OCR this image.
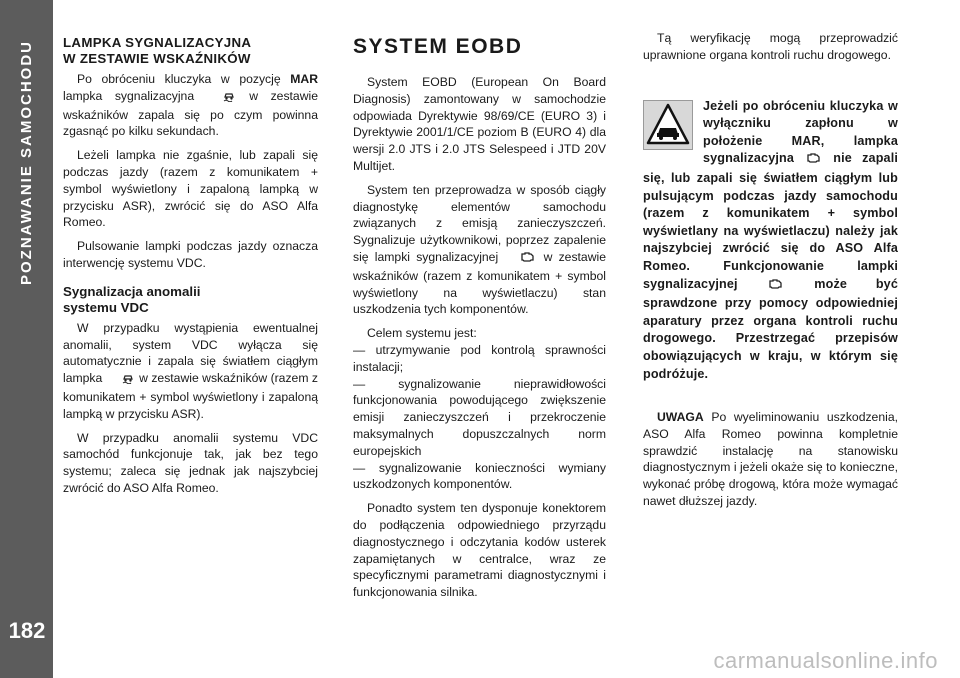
POZNAWANIE SAMOCHODU
182
LAMPKA SYGNALIZACYJNA
W ZESTAWIE WSKAŹNIKÓW

Po obróceniu kluczyka w pozycję MAR lampka sygnalizacyjna  w zestawie wskaźników zapala się po czym powinna zgasnąć po kilku sekundach.

Leżeli lampka nie zgaśnie, lub zapali się podczas jazdy (razem z komunikatem + symbol wyświetlony i zapaloną lampką w przycisku ASR), zwrócić się do ASO Alfa Romeo.

Pulsowanie lampki podczas jazdy oznacza interwencję systemu VDC.

Sygnalizacja anomalii
systemu VDC

W przypadku wystąpienia ewentualnej anomalii, system VDC wyłącza się automatycznie i zapala się światłem ciągłym lampka  w zestawie wskaźników (razem z komunikatem + symbol wyświetlony i zapaloną lampką w przycisku ASR).

W przypadku anomalii systemu VDC samochód funkcjonuje tak, jak bez tego systemu; zaleca się jednak jak najszybciej zwrócić do ASO Alfa Romeo.

SYSTEM EOBD

System EOBD (European On Board Diagnosis) zamontowany w samochodzie odpowiada Dyrektywie 98/69/CE (EURO 3) i Dyrektywie 2001/1/CE poziom B (EURO 4) dla wersji 2.0 JTS i 2.0 JTS Selespeed i JTD 20V Multijet.

System ten przeprowadza w sposób ciągły diagnostykę elementów samochodu związanych z emisją zanieczyszczeń. Sygnalizuje użytkownikowi, poprzez zapalenie się lampki sygnalizacyjnej	w zestawie wskaźników (razem z komunikatem + symbol wyświetlony na wyświetlaczu) stan uszkodzenia tych komponentów.

Celem systemu jest:

— utrzymywanie pod kontrolą sprawności instalacji;

— sygnalizowanie nieprawidłowości funkcjonowania powodującego zwiększenie emisji zanieczyszczeń i przekroczenie maksymalnych dopuszczalnych norm europejskich

— sygnalizowanie konieczności wymiany uszkodzonych komponentów.

Ponadto system ten dysponuje konektorem do podłączenia odpowiedniego przyrządu diagnostycznego i odczytania kodów usterek zapamiętanych w centralce, wraz ze specyficznymi parametrami diagnostycznymi i funkcjonowania silnika.

Tą weryfikację mogą przeprowadzić uprawnione organa kontroli ruchu drogowego.

Jeżeli po obróceniu kluczyka w wyłączniku zapłonu w położenie MAR, lampka sygnalizacyjna  nie zapali się, lub zapali się światłem ciągłym lub pulsującym podczas jazdy samochodu (razem z komunikatem + symbol wyświetlany na wyświetlaczu) należy jak najszybciej zwrócić się do ASO Alfa Romeo. Funkcjonowanie lampki sygnalizacyjnej  może być sprawdzone przy pomocy odpowiedniej aparatury przez organa kontroli ruchu drogowego. Przestrzegać przepisów obowiązujących w kraju, w którym się podróżuje.

UWAGA Po wyeliminowaniu uszkodzenia, ASO Alfa Romeo powinna kompletnie sprawdzić instalację na stanowisku diagnostycznym i jeżeli okaże się to konieczne, wykonać próbę drogową, która może wymagać nawet dłuższej jazdy.

carmanualsonline.info
